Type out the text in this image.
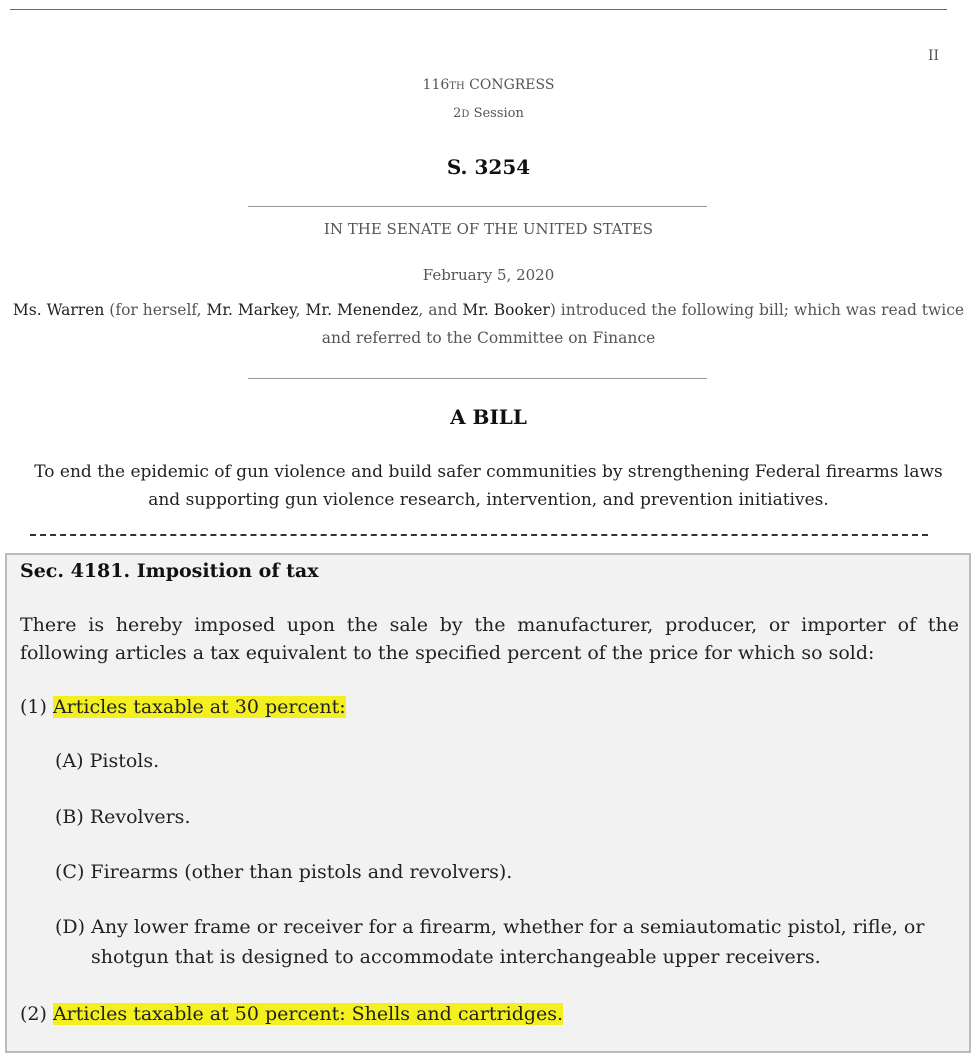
II
116TH CONGRESS
2D Session
S. 3254
IN THE SENATE OF THE UNITED STATES
February 5, 2020
Ms. Warren (for herself, Mr. Markey, Mr. Menendez, and Mr. Booker) introduced the following bill; which was read twice
and referred to the Committee on Finance
A BILL
To end the epidemic of gun violence and build safer communities by strengthening Federal firearms laws
and supporting gun violence research, intervention, and prevention initiatives.
Sec. 4181. Imposition of tax
There is hereby imposed upon the sale by the manufacturer, producer, or importer of the following articles a tax equivalent to the specified percent of the price for which so sold:
(1) Articles taxable at 30 percent:
(A) Pistols.
(B) Revolvers.
(C) Firearms (other than pistols and revolvers).
(D) Any lower frame or receiver for a firearm, whether for a semiautomatic pistol, rifle, or shotgun that is designed to accommodate interchangeable upper receivers.
(2) Articles taxable at 50 percent: Shells and cartridges.
